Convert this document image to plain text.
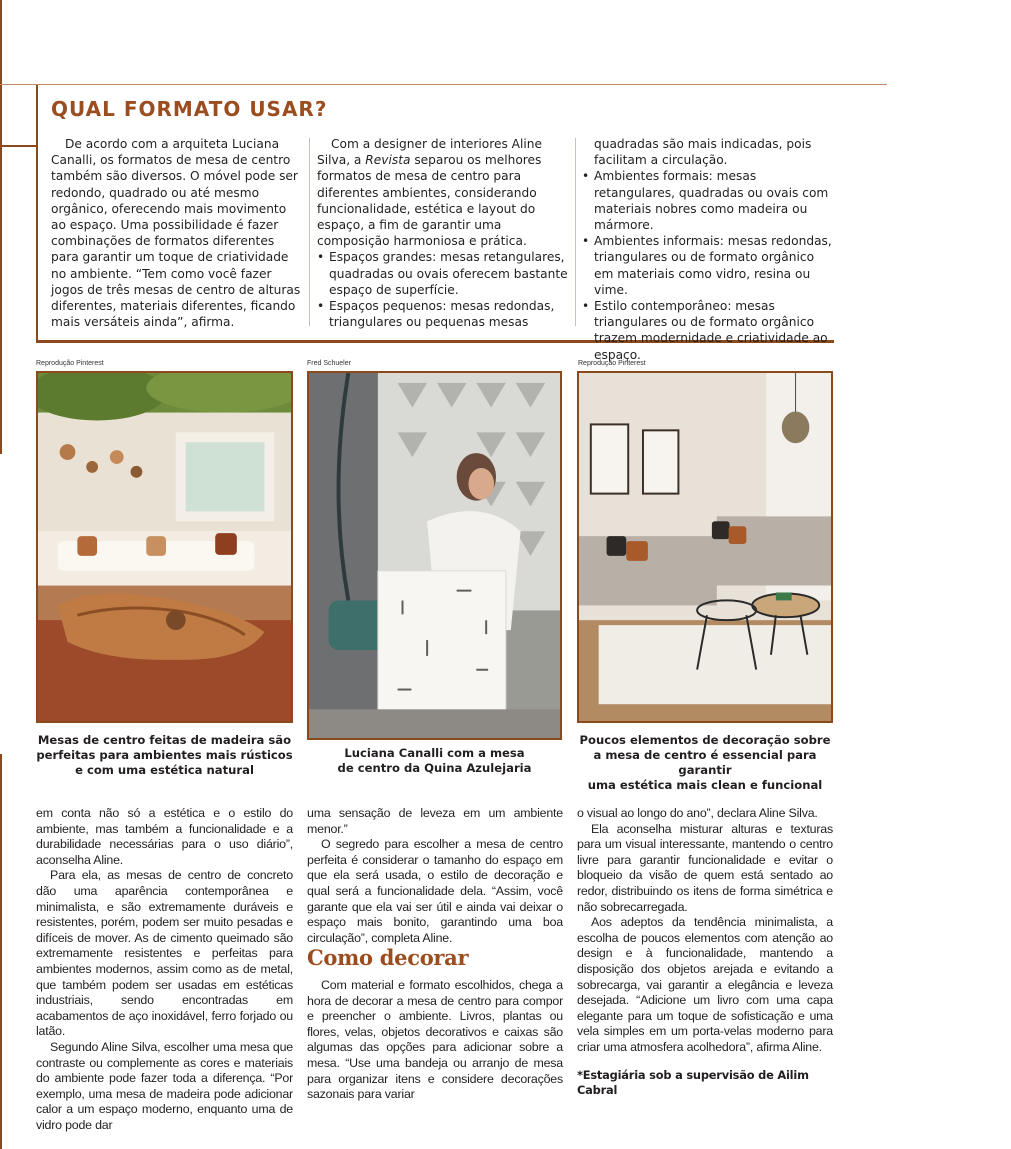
QUAL FORMATO USAR?

De acordo com a arquiteta Luciana Canalli, os formatos de mesa de centro também são diversos. O móvel pode ser redondo, quadrado ou até mesmo orgânico, oferecendo mais movimento ao espaço. Uma possibilidade é fazer combinações de formatos diferentes para garantir um toque de criatividade no ambiente. “Tem como você fazer jogos de três mesas de centro de alturas diferentes, materiais diferentes, ficando mais versáteis ainda”, afirma.

Com a designer de interiores Aline Silva, a Revista separou os melhores formatos de mesa de centro para diferentes ambientes, considerando funcionalidade, estética e layout do espaço, a fim de garantir uma composição harmoniosa e prática.

• Espaços grandes: mesas retangulares, quadradas ou ovais oferecem bastante espaço de superfície.
• Espaços pequenos: mesas redondas, triangulares ou pequenas mesas

quadradas são mais indicadas, pois facilitam a circulação.

• Ambientes formais: mesas retangulares, quadradas ou ovais com materiais nobres como madeira ou mármore.
• Ambientes informais: mesas redondas, triangulares ou de formato orgânico em materiais como vidro, resina ou vime.
• Estilo contemporâneo: mesas triangulares ou de formato orgânico trazem modernidade e criatividade ao espaço.
Reprodução Pinterest	Fred Schueler	Reprodução Pinterest
Mesas de centro feitas de madeira são
perfeitas para ambientes mais rústicos
e com uma estética natural
Luciana Canalli com a mesa
de centro da Quina Azulejaria
Poucos elementos de decoração sobre
a mesa de centro é essencial para garantir
uma estética mais clean e funcional

em conta não só a estética e o estilo do ambiente, mas também a funcionalidade e a durabilidade necessárias para o uso diário”, aconselha Aline.

Para ela, as mesas de centro de concreto dão uma aparência contemporânea e minimalista, e são extremamente duráveis e resistentes, porém, podem ser muito pesadas e difíceis de mover. As de cimento queimado são extremamente resistentes e perfeitas para ambientes modernos, assim como as de metal, que também podem ser usadas em estéticas industriais, sendo encontradas em acabamentos de aço inoxidável, ferro forjado ou latão.

Segundo Aline Silva, escolher uma mesa que contraste ou complemente as cores e materiais do ambiente pode fazer toda a diferença. “Por exemplo, uma mesa de madeira pode adicionar calor a um espaço moderno, enquanto uma de vidro pode dar

uma sensação de leveza em um ambiente menor.”

O segredo para escolher a mesa de centro perfeita é considerar o tamanho do espaço em que ela será usada, o estilo de decoração e qual será a funcionalidade dela. “Assim, você garante que ela vai ser útil e ainda vai deixar o espaço mais bonito, garantindo uma boa circulação”, completa Aline.

Como decorar

Com material e formato escolhidos, chega a hora de decorar a mesa de centro para compor e preencher o ambiente. Livros, plantas ou flores, velas, objetos decorativos e caixas são algumas das opções para adicionar sobre a mesa. “Use uma bandeja ou arranjo de mesa para organizar itens e considere decorações sazonais para variar

o visual ao longo do ano”, declara Aline Silva.

Ela aconselha misturar alturas e texturas para um visual interessante, mantendo o centro livre para garantir funcionalidade e evitar o bloqueio da visão de quem está sentado ao redor, distribuindo os itens de forma simétrica e não sobrecarregada.

Aos adeptos da tendência minimalista, a escolha de poucos elementos com atenção ao design e à funcionalidade, mantendo a disposição dos objetos arejada e evitando a sobrecarga, vai garantir a elegância e leveza desejada. “Adicione um livro com uma capa elegante para um toque de sofisticação e uma vela simples em um porta-velas moderno para criar uma atmosfera acolhedora”, afirma Aline.

*Estagiária sob a supervisão de Ailim Cabral
